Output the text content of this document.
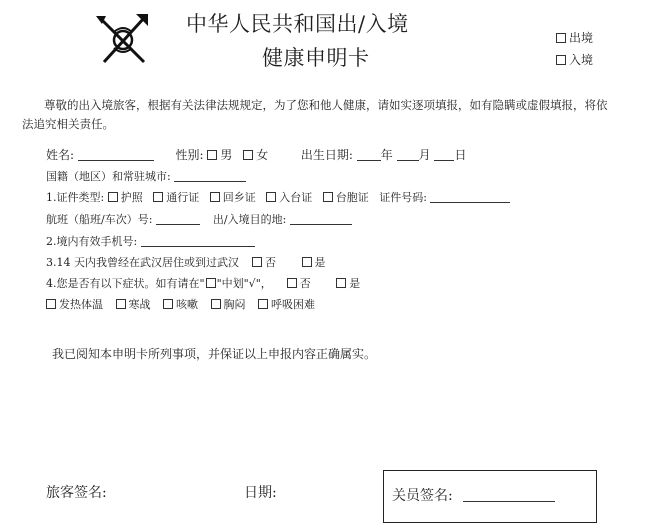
中华人民共和国出/入境
健康申明卡
出境
入境
尊敬的出入境旅客，根据有关法律法规规定，为了您和他人健康，请如实逐项填报，如有隐瞒或虚假填报，将依法追究相关责任。
姓名:	性别: 男 女	出生日期: 年 月 日
国籍（地区）和常驻城市:
1.证件类型: 护照 通行证 回乡证 入台证 台胞证 证件号码:
航班（船班/车次）号:	出/入境目的地:
2.境内有效手机号:
3.14 天内我曾经在武汉居住或到过武汉 否	是
4.您是否有以下症状。如有请在" "中划"√"，	否	是
发热体温 寒战 咳嗽 胸闷 呼吸困难
我已阅知本申明卡所列事项，并保证以上申报内容正确属实。
旅客签名:	日期:	关员签名:
